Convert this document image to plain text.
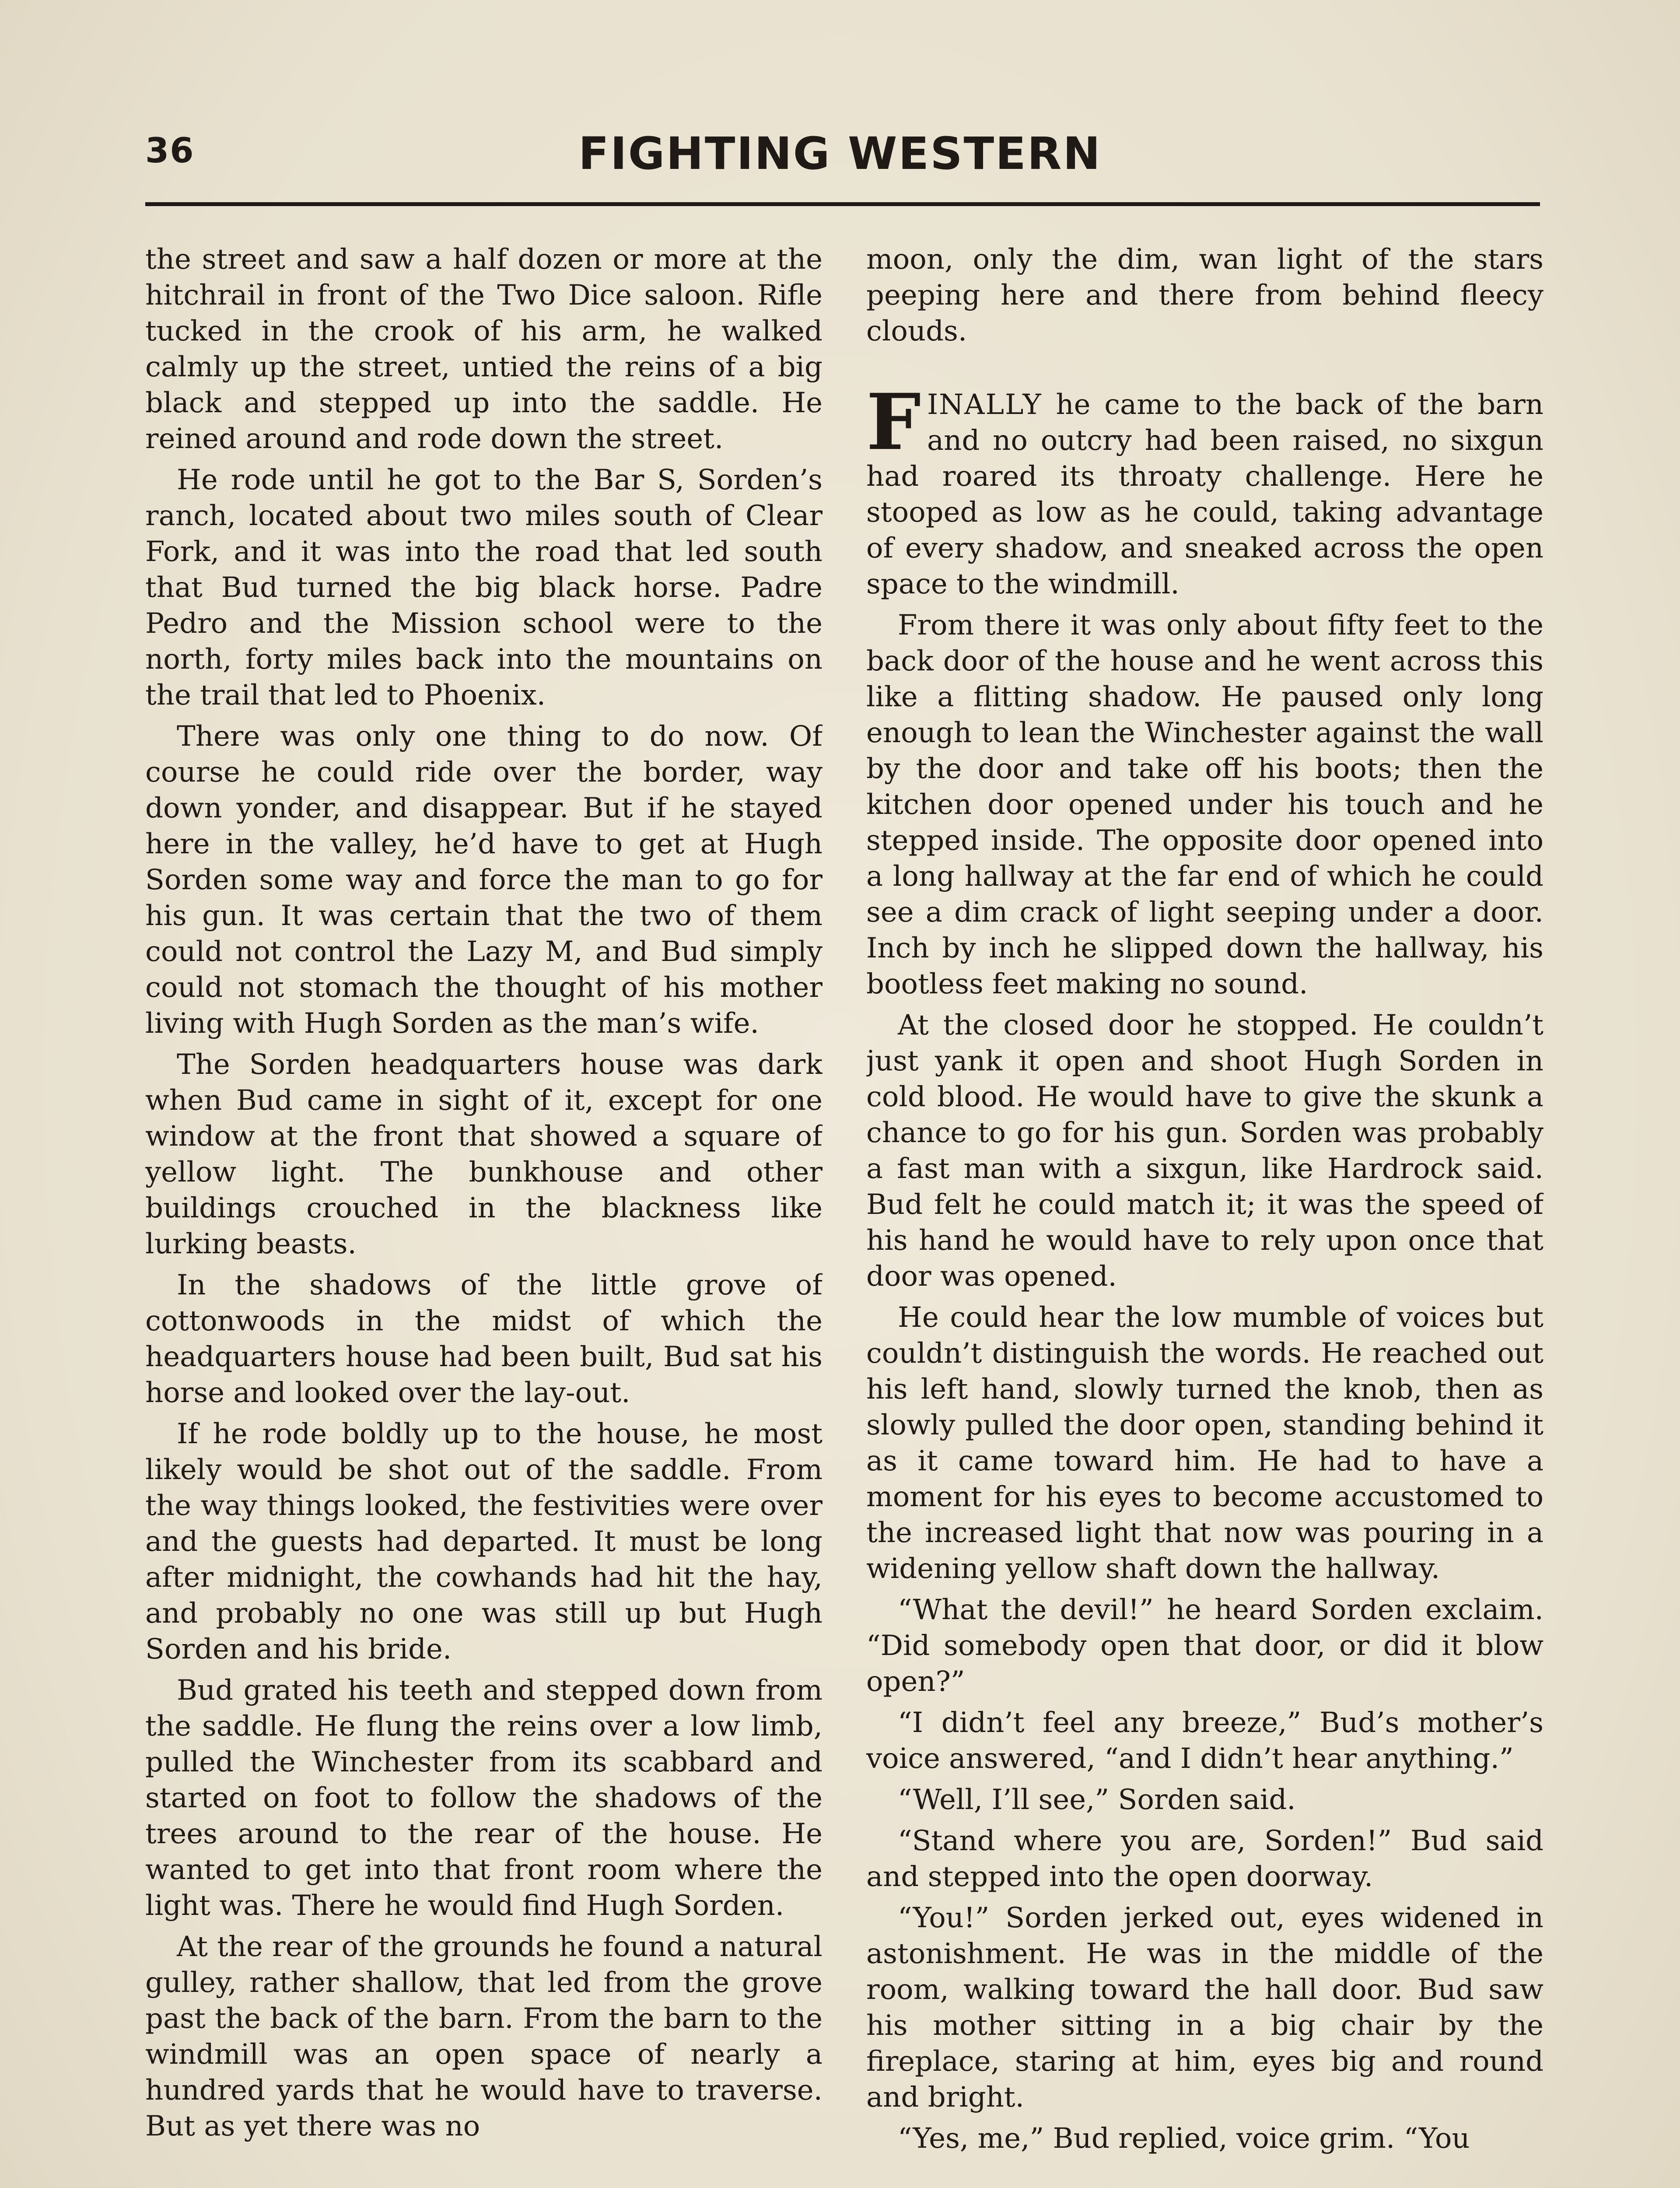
36	FIGHTING WESTERN

the street and saw a half dozen or more at the hitchrail in front of the Two Dice saloon. Rifle tucked in the crook of his arm, he walked calmly up the street, untied the reins of a big black and stepped up into the saddle. He reined around and rode down the street.

He rode until he got to the Bar S, Sorden’s ranch, located about two miles south of Clear Fork, and it was into the road that led south that Bud turned the big black horse. Padre Pedro and the Mission school were to the north, forty miles back into the mountains on the trail that led to Phoenix.

There was only one thing to do now. Of course he could ride over the border, way down yonder, and disappear. But if he stayed here in the valley, he’d have to get at Hugh Sorden some way and force the man to go for his gun. It was certain that the two of them could not control the Lazy M, and Bud simply could not stomach the thought of his mother living with Hugh Sorden as the man’s wife.

The Sorden headquarters house was dark when Bud came in sight of it, except for one window at the front that showed a square of yellow light. The bunkhouse and other buildings crouched in the blackness like lurking beasts.

In the shadows of the little grove of cottonwoods in the midst of which the headquarters house had been built, Bud sat his horse and looked over the lay-out.

If he rode boldly up to the house, he most likely would be shot out of the saddle. From the way things looked, the festivities were over and the guests had departed. It must be long after midnight, the cowhands had hit the hay, and probably no one was still up but Hugh Sorden and his bride.

Bud grated his teeth and stepped down from the saddle. He flung the reins over a low limb, pulled the Winchester from its scabbard and started on foot to follow the shadows of the trees around to the rear of the house. He wanted to get into that front room where the light was. There he would find Hugh Sorden.

At the rear of the grounds he found a natural gulley, rather shallow, that led from the grove past the back of the barn. From the barn to the windmill was an open space of nearly a hundred yards that he would have to traverse. But as yet there was no

moon, only the dim, wan light of the stars peeping here and there from behind fleecy clouds.

FINALLY he came to the back of the barn and no outcry had been raised, no sixgun had roared its throaty challenge. Here he stooped as low as he could, taking advantage of every shadow, and sneaked across the open space to the windmill.

From there it was only about fifty feet to the back door of the house and he went across this like a flitting shadow. He paused only long enough to lean the Winchester against the wall by the door and take off his boots; then the kitchen door opened under his touch and he stepped inside. The opposite door opened into a long hallway at the far end of which he could see a dim crack of light seeping under a door. Inch by inch he slipped down the hallway, his bootless feet making no sound.

At the closed door he stopped. He couldn’t just yank it open and shoot Hugh Sorden in cold blood. He would have to give the skunk a chance to go for his gun. Sorden was probably a fast man with a sixgun, like Hardrock said. Bud felt he could match it; it was the speed of his hand he would have to rely upon once that door was opened.

He could hear the low mumble of voices but couldn’t distinguish the words. He reached out his left hand, slowly turned the knob, then as slowly pulled the door open, standing behind it as it came toward him. He had to have a moment for his eyes to become accustomed to the increased light that now was pouring in a widening yellow shaft down the hallway.

“What the devil!” he heard Sorden exclaim. “Did somebody open that door, or did it blow open?”

“I didn’t feel any breeze,” Bud’s mother’s voice answered, “and I didn’t hear anything.”

“Well, I’ll see,” Sorden said.

“Stand where you are, Sorden!” Bud said and stepped into the open doorway.

“You!” Sorden jerked out, eyes widened in astonishment. He was in the middle of the room, walking toward the hall door. Bud saw his mother sitting in a big chair by the fireplace, staring at him, eyes big and round and bright.

“Yes, me,” Bud replied, voice grim. “You
